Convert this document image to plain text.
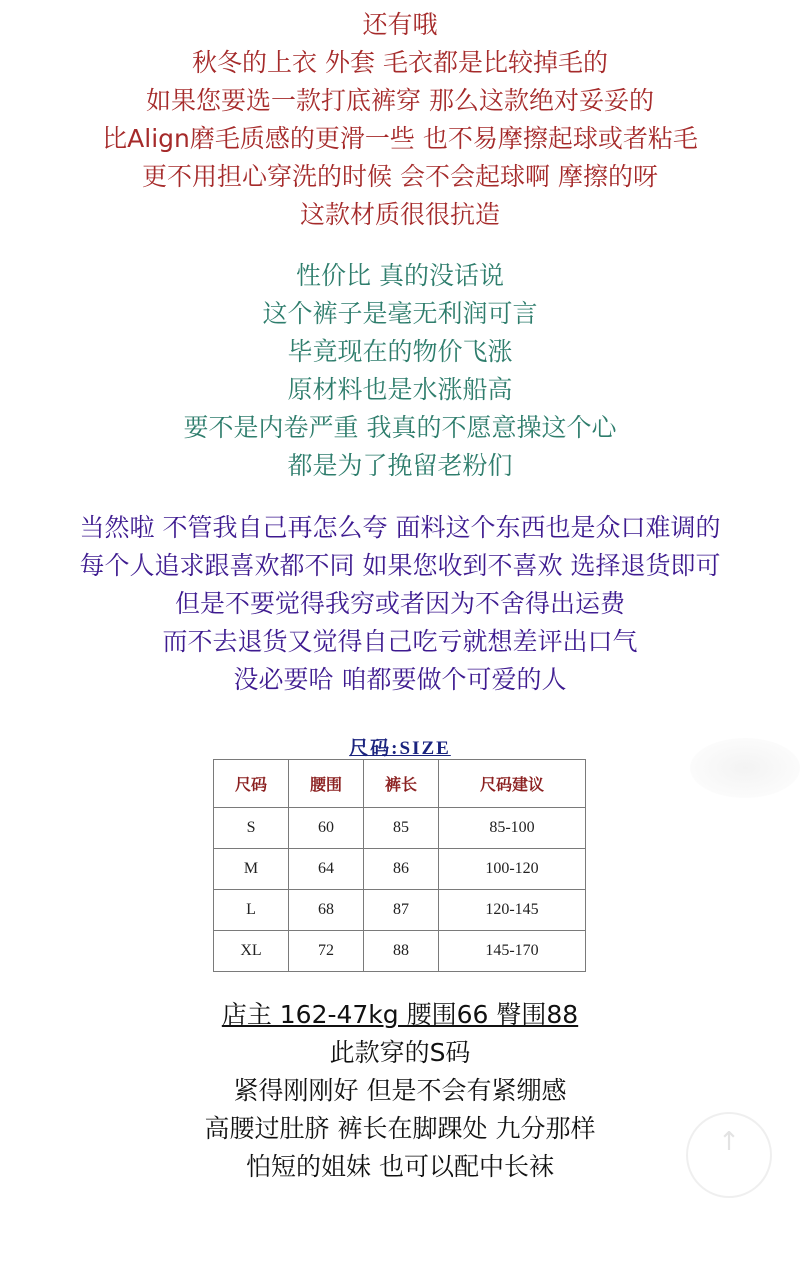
还有哦
秋冬的上衣 外套 毛衣都是比较掉毛的
如果您要选一款打底裤穿 那么这款绝对妥妥的
比Align磨毛质感的更滑一些 也不易摩擦起球或者粘毛
更不用担心穿洗的时候 会不会起球啊 摩擦的呀
这款材质很很抗造
性价比 真的没话说
这个裤子是毫无利润可言
毕竟现在的物价飞涨
原材料也是水涨船高
要不是内卷严重 我真的不愿意操这个心
都是为了挽留老粉们
当然啦 不管我自己再怎么夸 面料这个东西也是众口难调的
每个人追求跟喜欢都不同 如果您收到不喜欢 选择退货即可
但是不要觉得我穷或者因为不舍得出运费
而不去退货又觉得自己吃亏就想差评出口气
没必要哈 咱都要做个可爱的人
尺码:SIZE
尺码	腰围	裤长	尺码建议
S	60	85	85-100
M	64	86	100-120
L	68	87	120-145
XL	72	88	145-170
店主 162-47kg 腰围66 臀围88
此款穿的S码
紧得刚刚好 但是不会有紧绷感
高腰过肚脐 裤长在脚踝处 九分那样
怕短的姐妹 也可以配中长袜
↑
